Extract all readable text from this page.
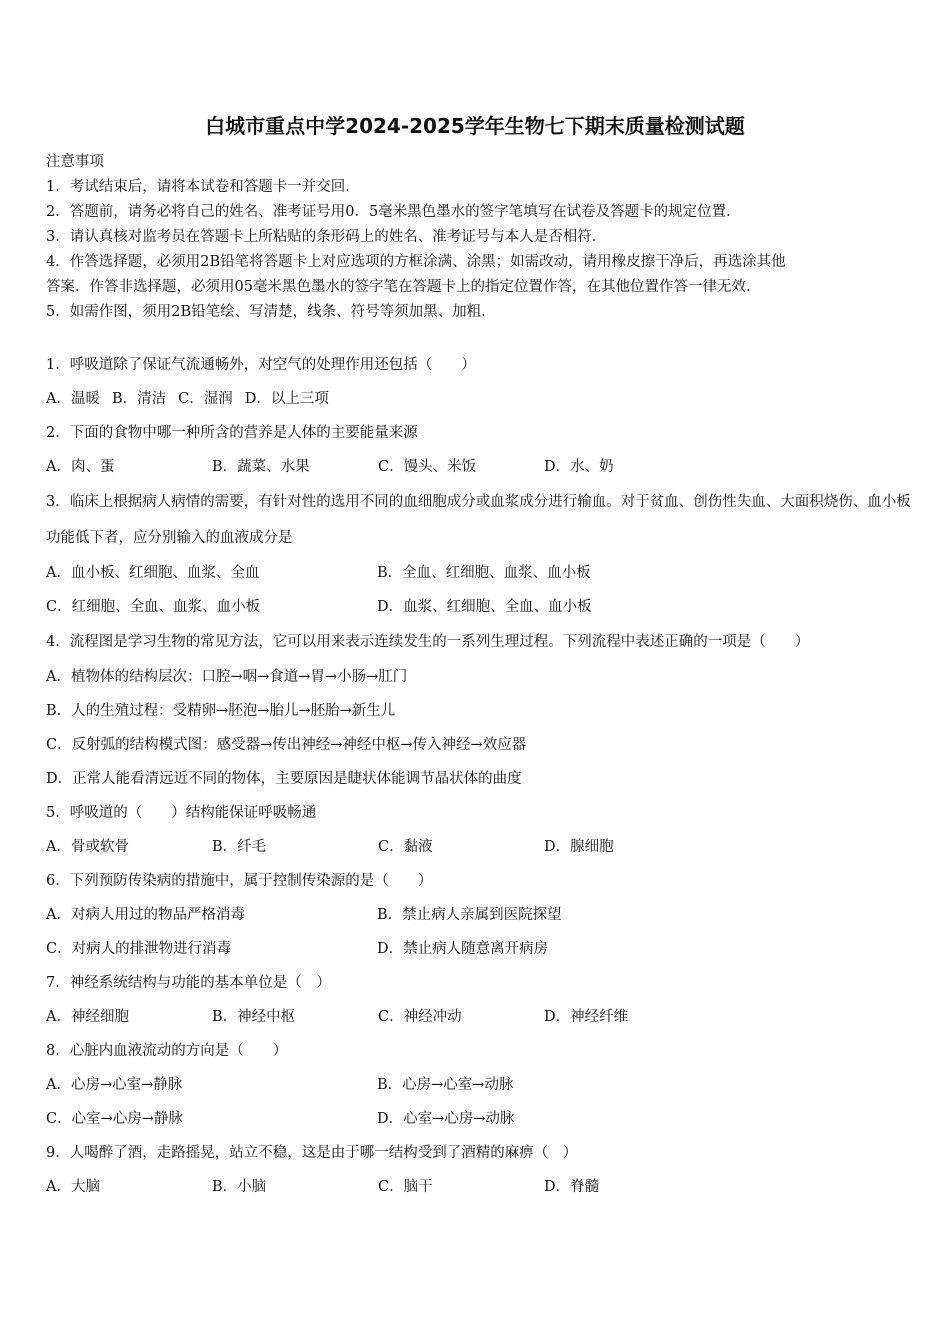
白城市重点中学2024-2025学年生物七下期末质量检测试题
注意事项
1．考试结束后，请将本试卷和答题卡一并交回．
2．答题前，请务必将自己的姓名、准考证号用0．5毫米黑色墨水的签字笔填写在试卷及答题卡的规定位置．
3．请认真核对监考员在答题卡上所粘贴的条形码上的姓名、准考证号与本人是否相符．
4．作答选择题，必须用2B铅笔将答题卡上对应选项的方框涂满、涂黑；如需改动，请用橡皮擦干净后，再选涂其他
答案．作答非选择题，必须用05毫米黑色墨水的签字笔在答题卡上的指定位置作答，在其他位置作答一律无效．
5．如需作图，须用2B铅笔绘、写清楚，线条、符号等须加黑、加粗．
1．呼吸道除了保证气流通畅外，对空气的处理作用还包括（　　）
A．温暖 B．清洁 C．湿润 D．以上三项
2．下面的食物中哪一种所含的营养是人体的主要能量来源
A．肉、蛋	B．蔬菜、水果	C．馒头、米饭	D．水、奶
3．临床上根据病人病情的需要，有针对性的选用不同的血细胞成分或血浆成分进行输血。对于贫血、创伤性失血、大面积烧伤、血小板功能低下者，应分别输入的血液成分是
A．血小板、红细胞、血浆、全血	B．全血、红细胞、血浆、血小板
C．红细胞、全血、血浆、血小板	D．血浆、红细胞、全血、血小板
4．流程图是学习生物的常见方法，它可以用来表示连续发生的一系列生理过程。下列流程中表述正确的一项是（　　）
A．植物体的结构层次：口腔→咽→食道→胃→小肠→肛门
B．人的生殖过程：受精卵→胚泡→胎儿→胚胎→新生儿
C．反射弧的结构模式图：感受器→传出神经→神经中枢→传入神经→效应器
D．正常人能看清远近不同的物体，主要原因是睫状体能调节晶状体的曲度
5．呼吸道的（　　）结构能保证呼吸畅通
A．骨或软骨	B．纤毛	C．黏液	D．腺细胞
6．下列预防传染病的措施中，属于控制传染源的是（　　）
A．对病人用过的物品严格消毒	B．禁止病人亲属到医院探望
C．对病人的排泄物进行消毒	D．禁止病人随意离开病房
7．神经系统结构与功能的基本单位是（　）
A．神经细胞	B．神经中枢	C．神经冲动	D．神经纤维
8．心脏内血液流动的方向是（　　）
A．心房→心室→静脉	B．心房→心室→动脉
C．心室→心房→静脉	D．心室→心房→动脉
9．人喝醉了酒，走路摇晃，站立不稳，这是由于哪一结构受到了酒精的麻痹（　）
A．大脑	B．小脑	C．脑干	D．脊髓
